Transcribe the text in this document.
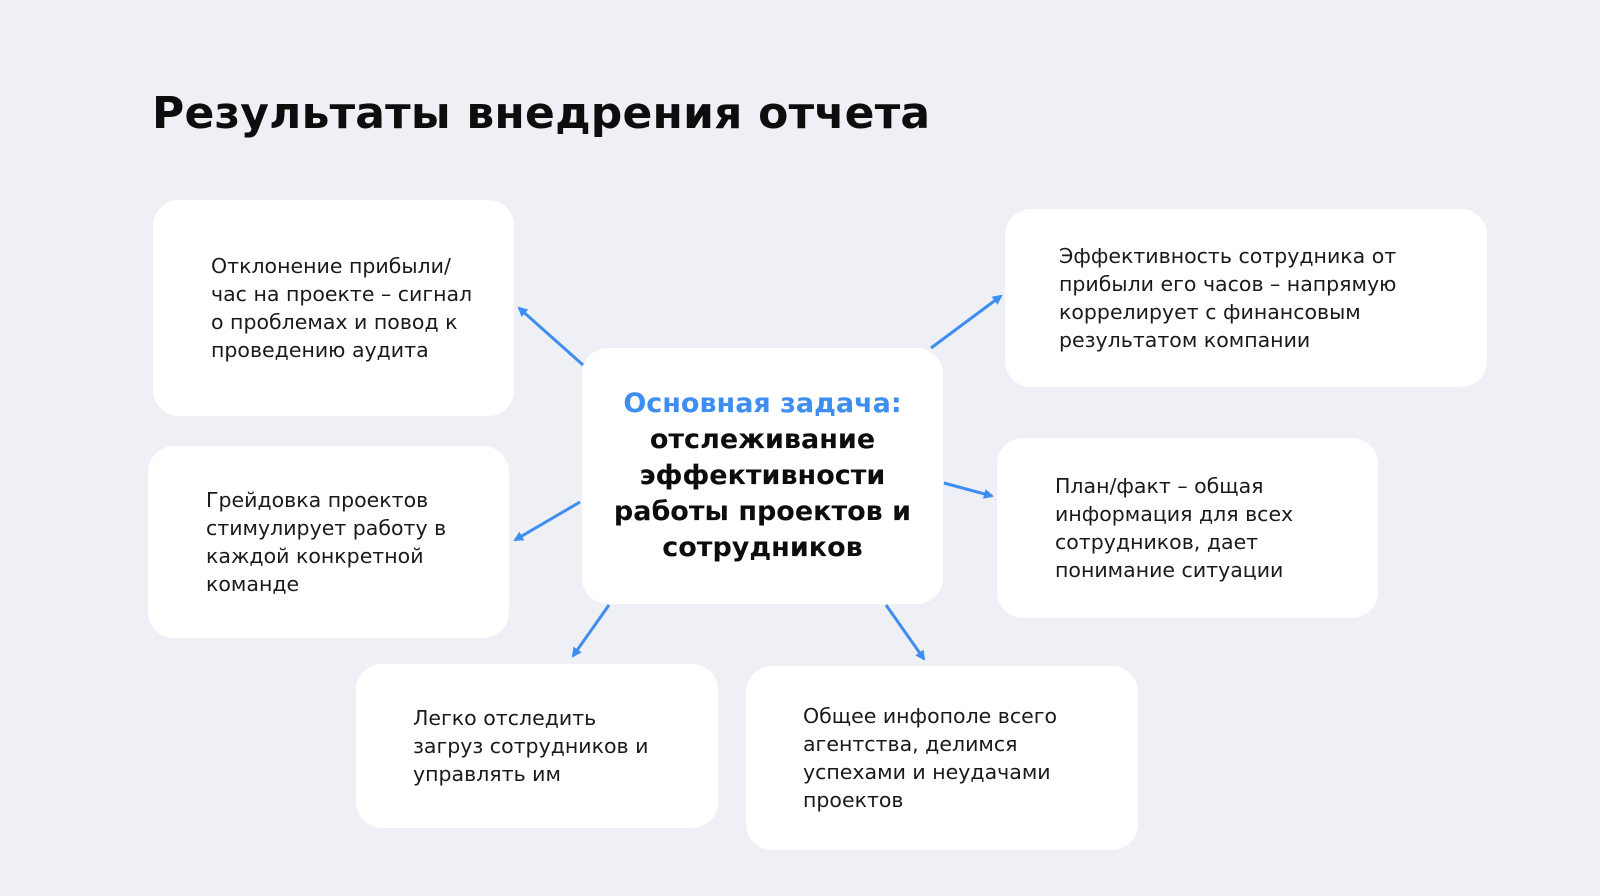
Результаты внедрения отчета

Основная задача:
отслеживание эффективности работы проектов и сотрудников

Отклонение прибыли/час на проекте – сигнал о проблемах и повод к проведению аудита

Грейдовка проектов стимулирует работу в каждой конкретной команде

Легко отследить загруз сотрудников и управлять им

Общее инфополе всего агентства, делимся успехами и неудачами проектов

План/факт – общая информация для всех сотрудников, дает понимание ситуации

Эффективность сотрудника от прибыли его часов – напрямую коррелирует с финансовым результатом компании
